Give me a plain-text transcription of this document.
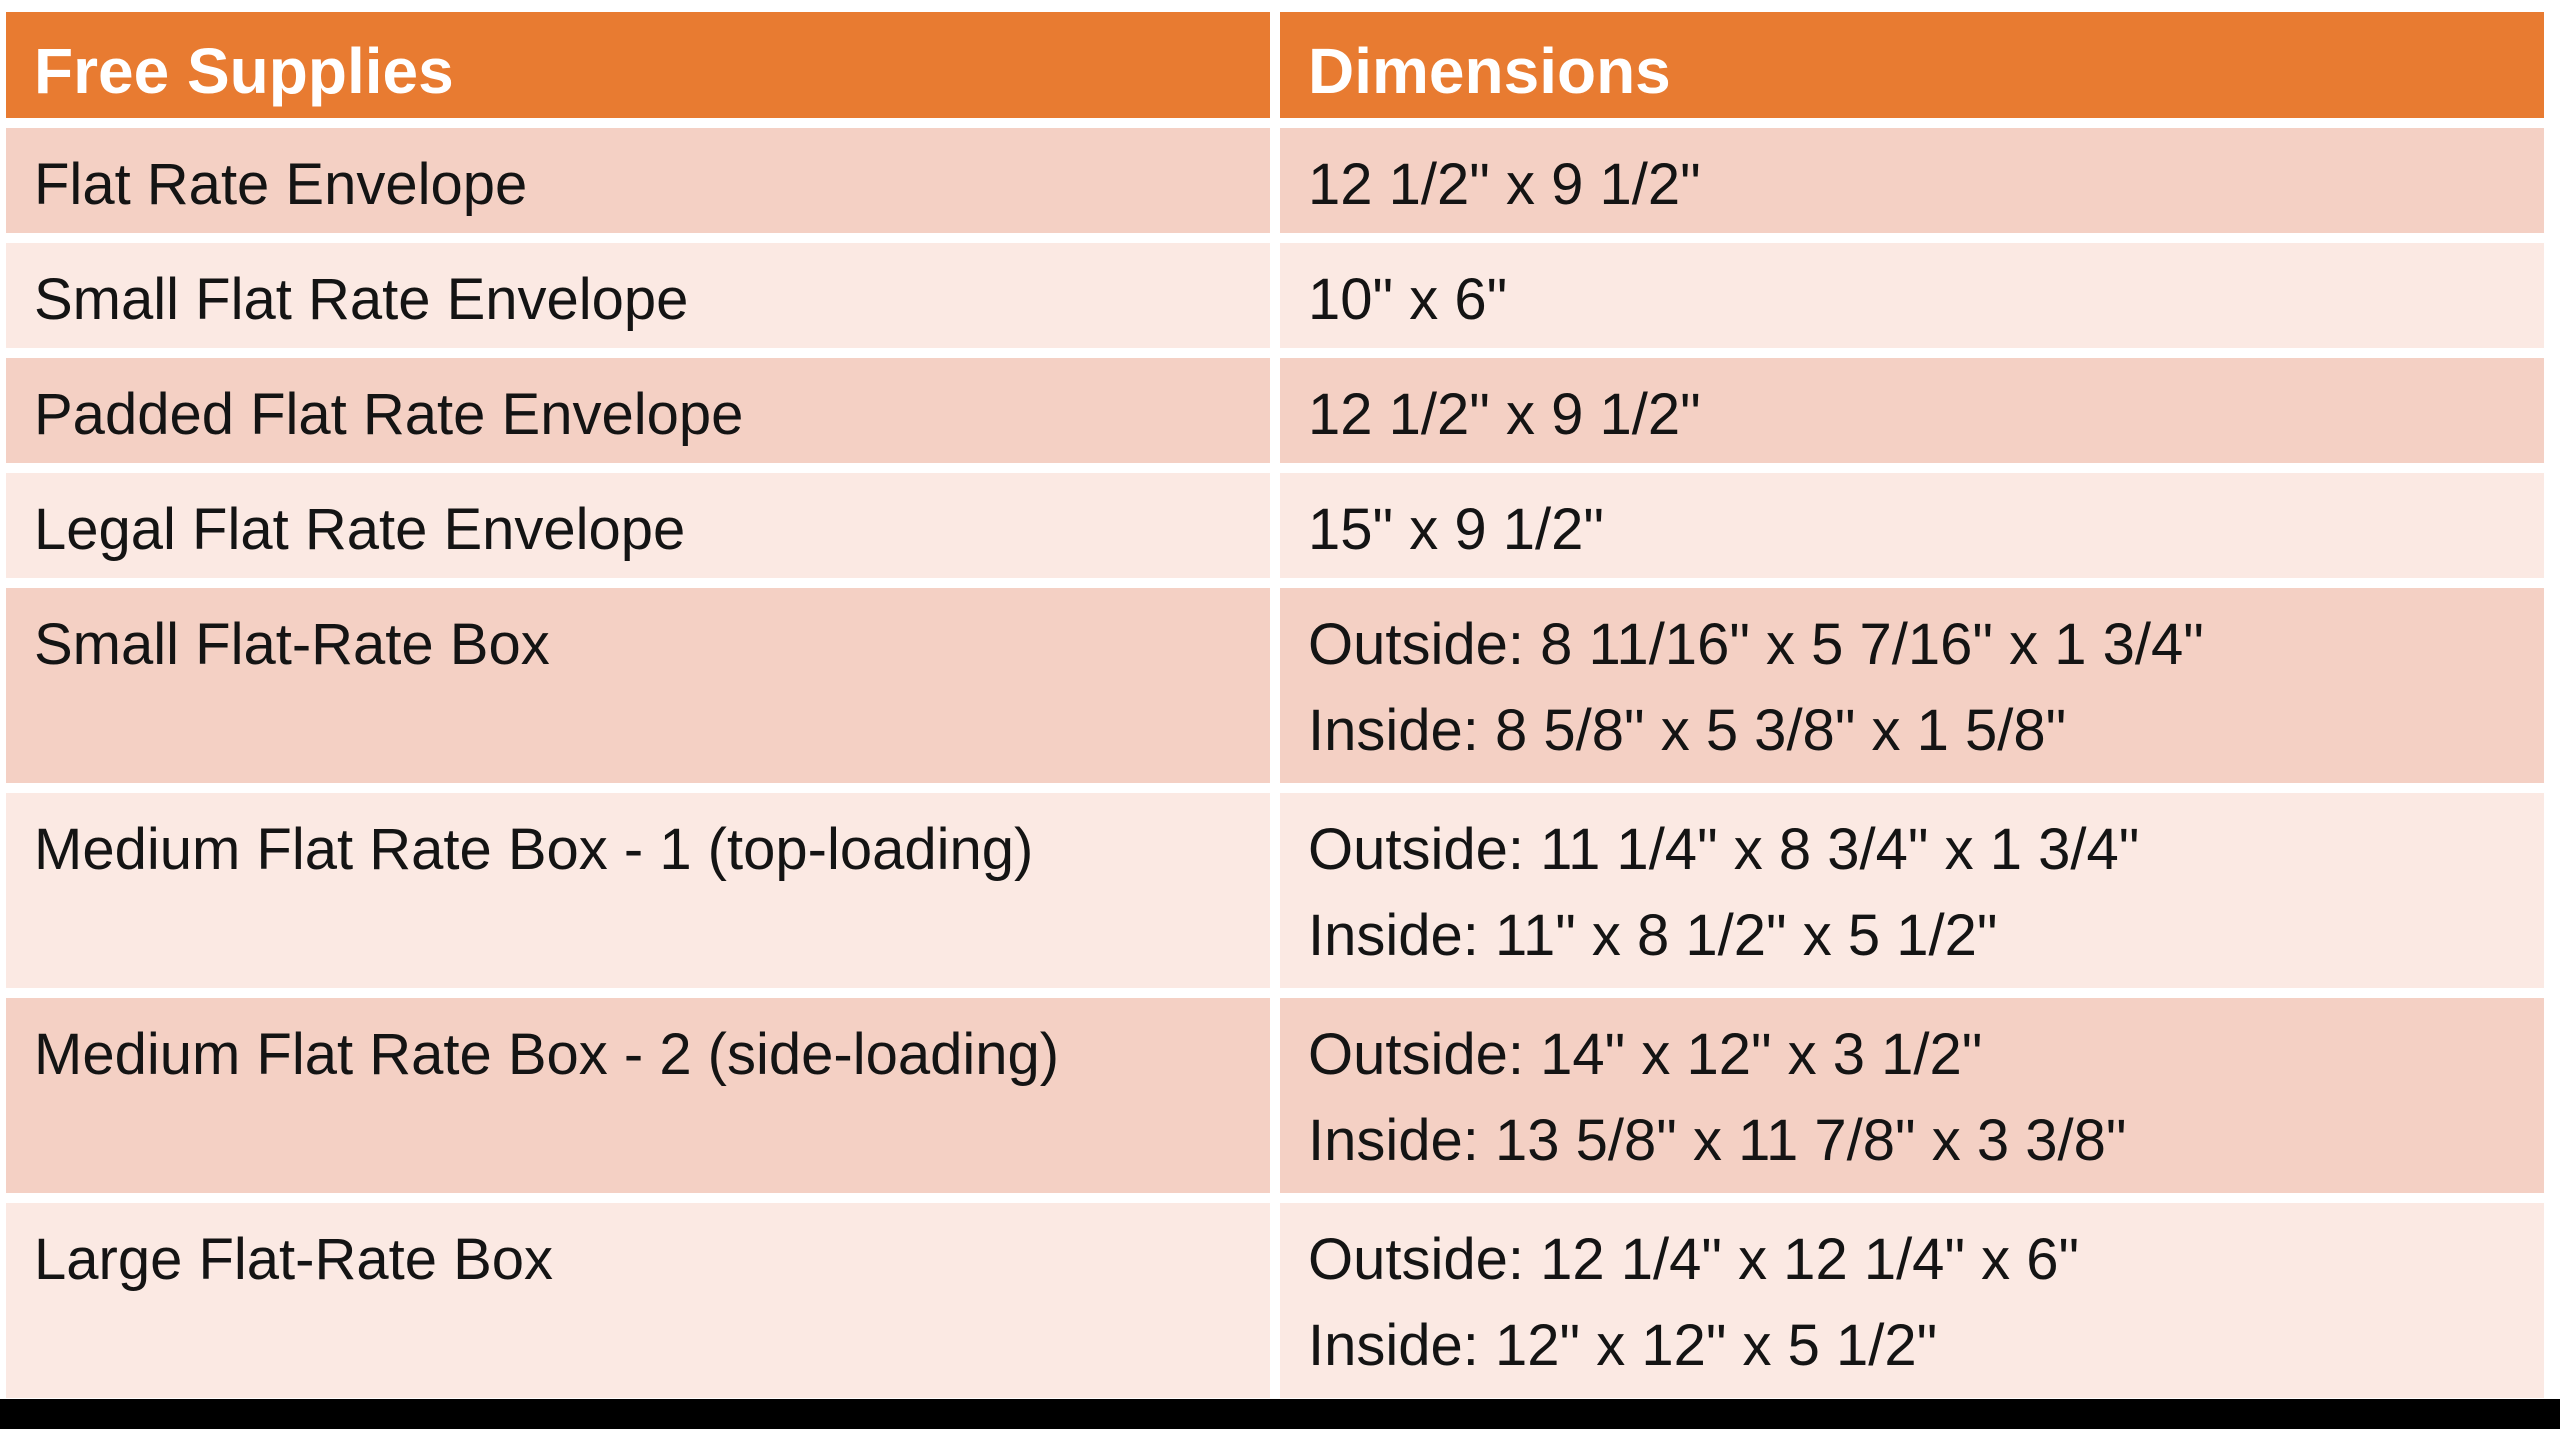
Free Supplies	Dimensions
Flat Rate Envelope	12 1/2" x 9 1/2"
Small Flat Rate Envelope	10" x 6"
Padded Flat Rate Envelope	12 1/2" x 9 1/2"
Legal Flat Rate Envelope	15" x 9 1/2"
Small Flat-Rate Box	Outside: 8 11/16" x 5 7/16" x 1 3/4"
Inside: 8 5/8" x 5 3/8" x 1 5/8"
Medium Flat Rate Box - 1 (top-loading)	Outside: 11 1/4" x 8 3/4" x 1 3/4"
Inside: 11" x 8 1/2" x 5 1/2"
Medium Flat Rate Box - 2 (side-loading)	Outside: 14" x 12" x 3 1/2"
Inside: 13 5/8" x 11 7/8" x 3 3/8"
Large Flat-Rate Box	Outside: 12 1/4" x 12 1/4" x 6"
Inside: 12" x 12" x 5 1/2"
